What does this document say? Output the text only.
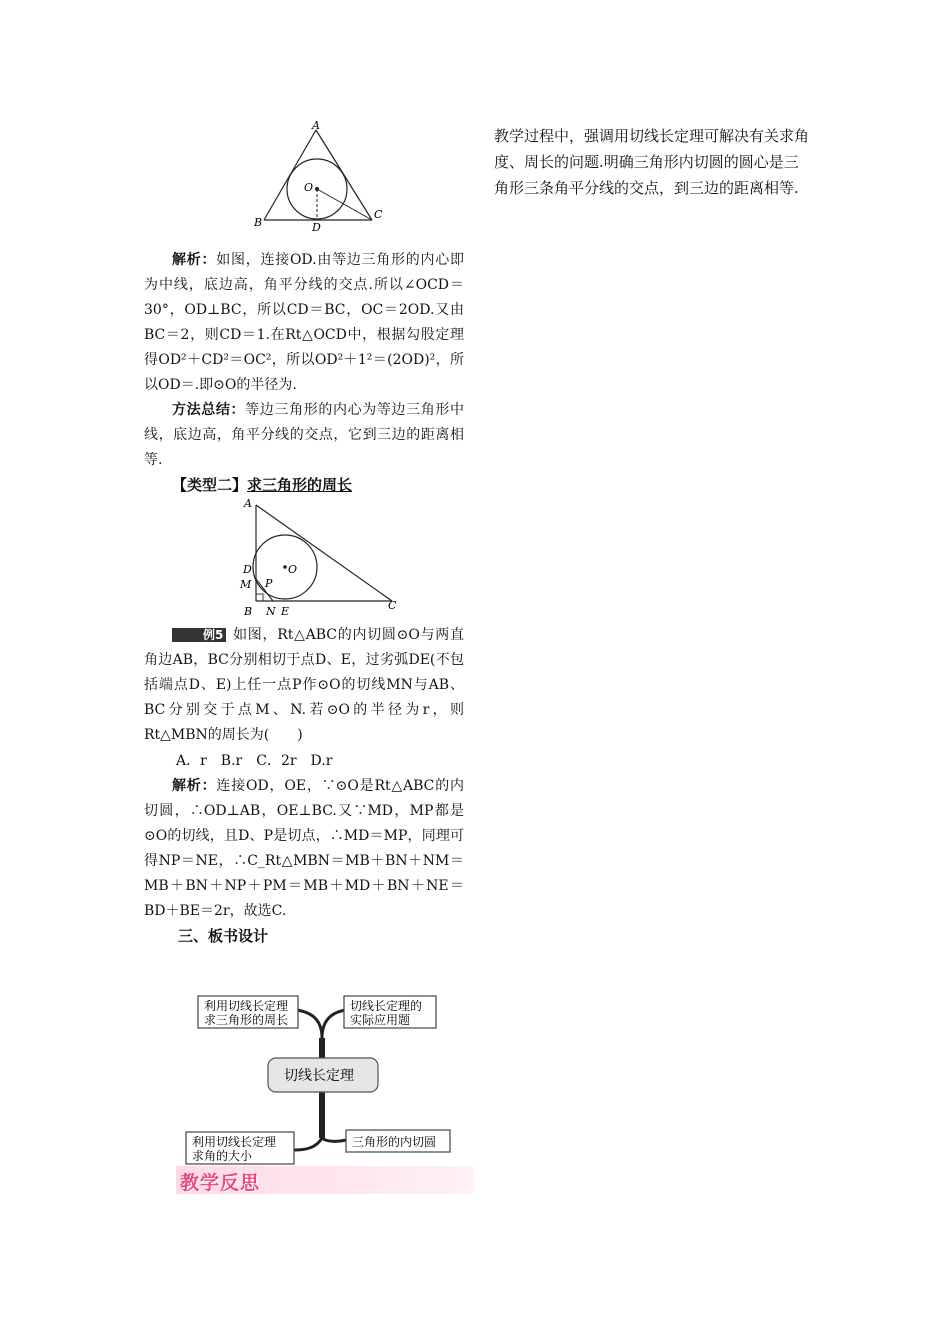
A
B
C
D
O

解析：如图，连接OD.由等边三角形的内心即为中线，底边高，角平分线的交点.所以∠OCD＝30°，OD⊥BC，所以CD＝BC，OC＝2OD.又由BC＝2，则CD＝1.在Rt△OCD中，根据勾股定理得OD²＋CD²＝OC²，所以OD²＋1²＝(2OD)²，所以OD＝.即⊙O的半径为.

方法总结：等边三角形的内心为等边三角形中线，底边高，角平分线的交点，它到三边的距离相等.

【类型二】求三角形的周长

A
B	C
D
E
M
N
O
P

例5 如图，Rt△ABC的内切圆⊙O与两直角边AB，BC分别相切于点D、E，过劣弧DE(不包括端点D、E)上任一点P作⊙O的切线MN与AB、BC分别交于点M、N.若⊙O的半径为r，则Rt△MBN的周长为(　　)

A．r　B.r　C．2r　D.r

解析：连接OD，OE，∵⊙O是Rt△ABC的内切圆，∴OD⊥AB，OE⊥BC.又∵MD，MP都是⊙O的切线，且D、P是切点，∴MD＝MP，同理可得NP＝NE，∴C_Rt△MBN＝MB＋BN＋NM＝MB＋BN＋NP＋PM＝MB＋MD＋BN＋NE＝BD＋BE＝2r，故选C.

三、板书设计

利用切线长定理
求三角形的周长
切线长定理的
实际应用题
切线长定理
利用切线长定理
求角的大小
三角形的内切圆
教学反思
教学过程中，强调用切线长定理可解决有关求角度、周长的问题.明确三角形内切圆的圆心是三角形三条角平分线的交点，到三边的距离相等.
